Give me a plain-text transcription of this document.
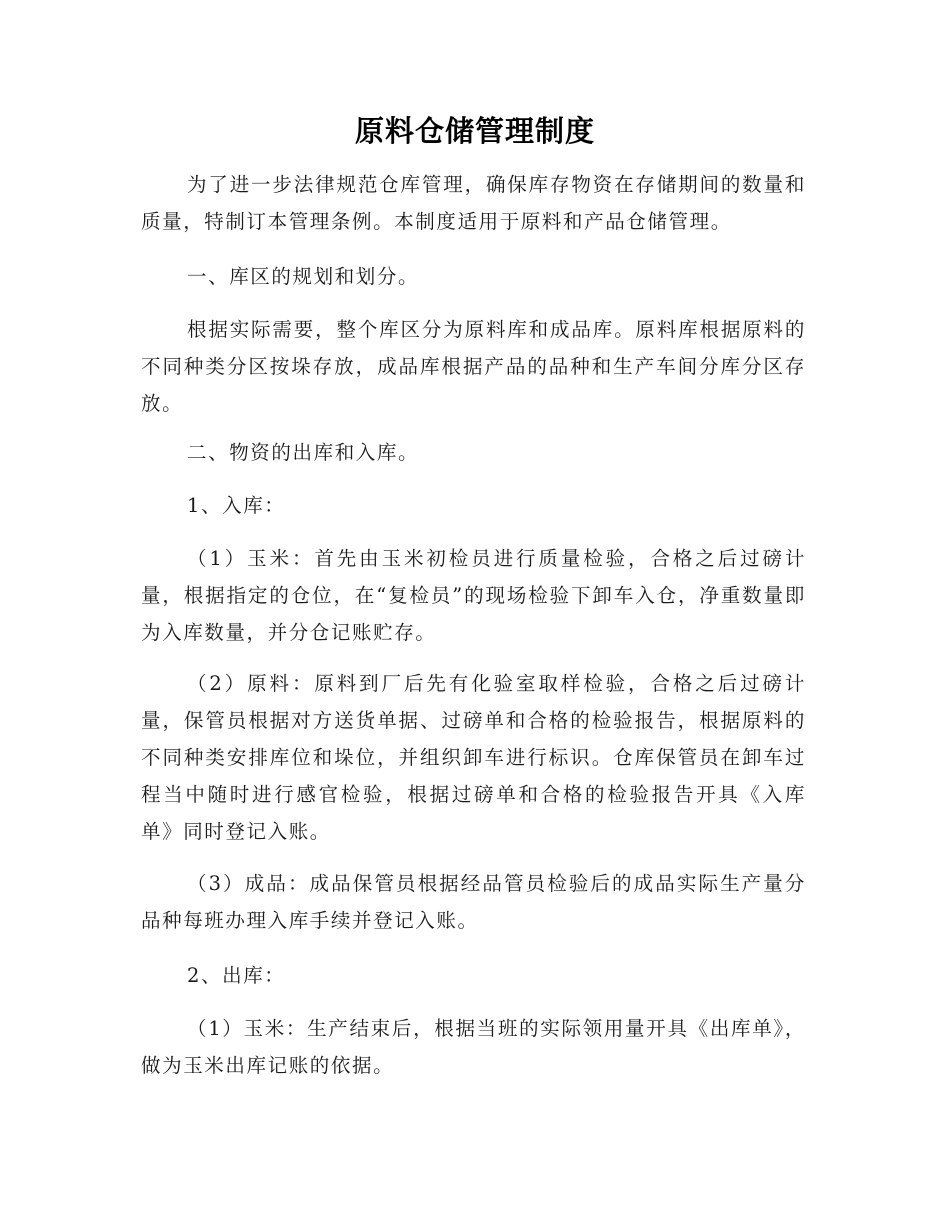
原料仓储管理制度

为了进一步法律规范仓库管理，确保库存物资在存储期间的数量和质量，特制订本管理条例。本制度适用于原料和产品仓储管理。

一、库区的规划和划分。

根据实际需要，整个库区分为原料库和成品库。原料库根据原料的不同种类分区按垛存放，成品库根据产品的品种和生产车间分库分区存放。

二、物资的出库和入库。

1、入库：

（1）玉米：首先由玉米初检员进行质量检验，合格之后过磅计量，根据指定的仓位，在“复检员”的现场检验下卸车入仓，净重数量即为入库数量，并分仓记账贮存。

（2）原料：原料到厂后先有化验室取样检验，合格之后过磅计量，保管员根据对方送货单据、过磅单和合格的检验报告，根据原料的不同种类安排库位和垛位，并组织卸车进行标识。仓库保管员在卸车过程当中随时进行感官检验，根据过磅单和合格的检验报告开具《入库单》同时登记入账。

（3）成品：成品保管员根据经品管员检验后的成品实际生产量分品种每班办理入库手续并登记入账。

2、出库：

（1）玉米：生产结束后，根据当班的实际领用量开具《出库单》，做为玉米出库记账的依据。
